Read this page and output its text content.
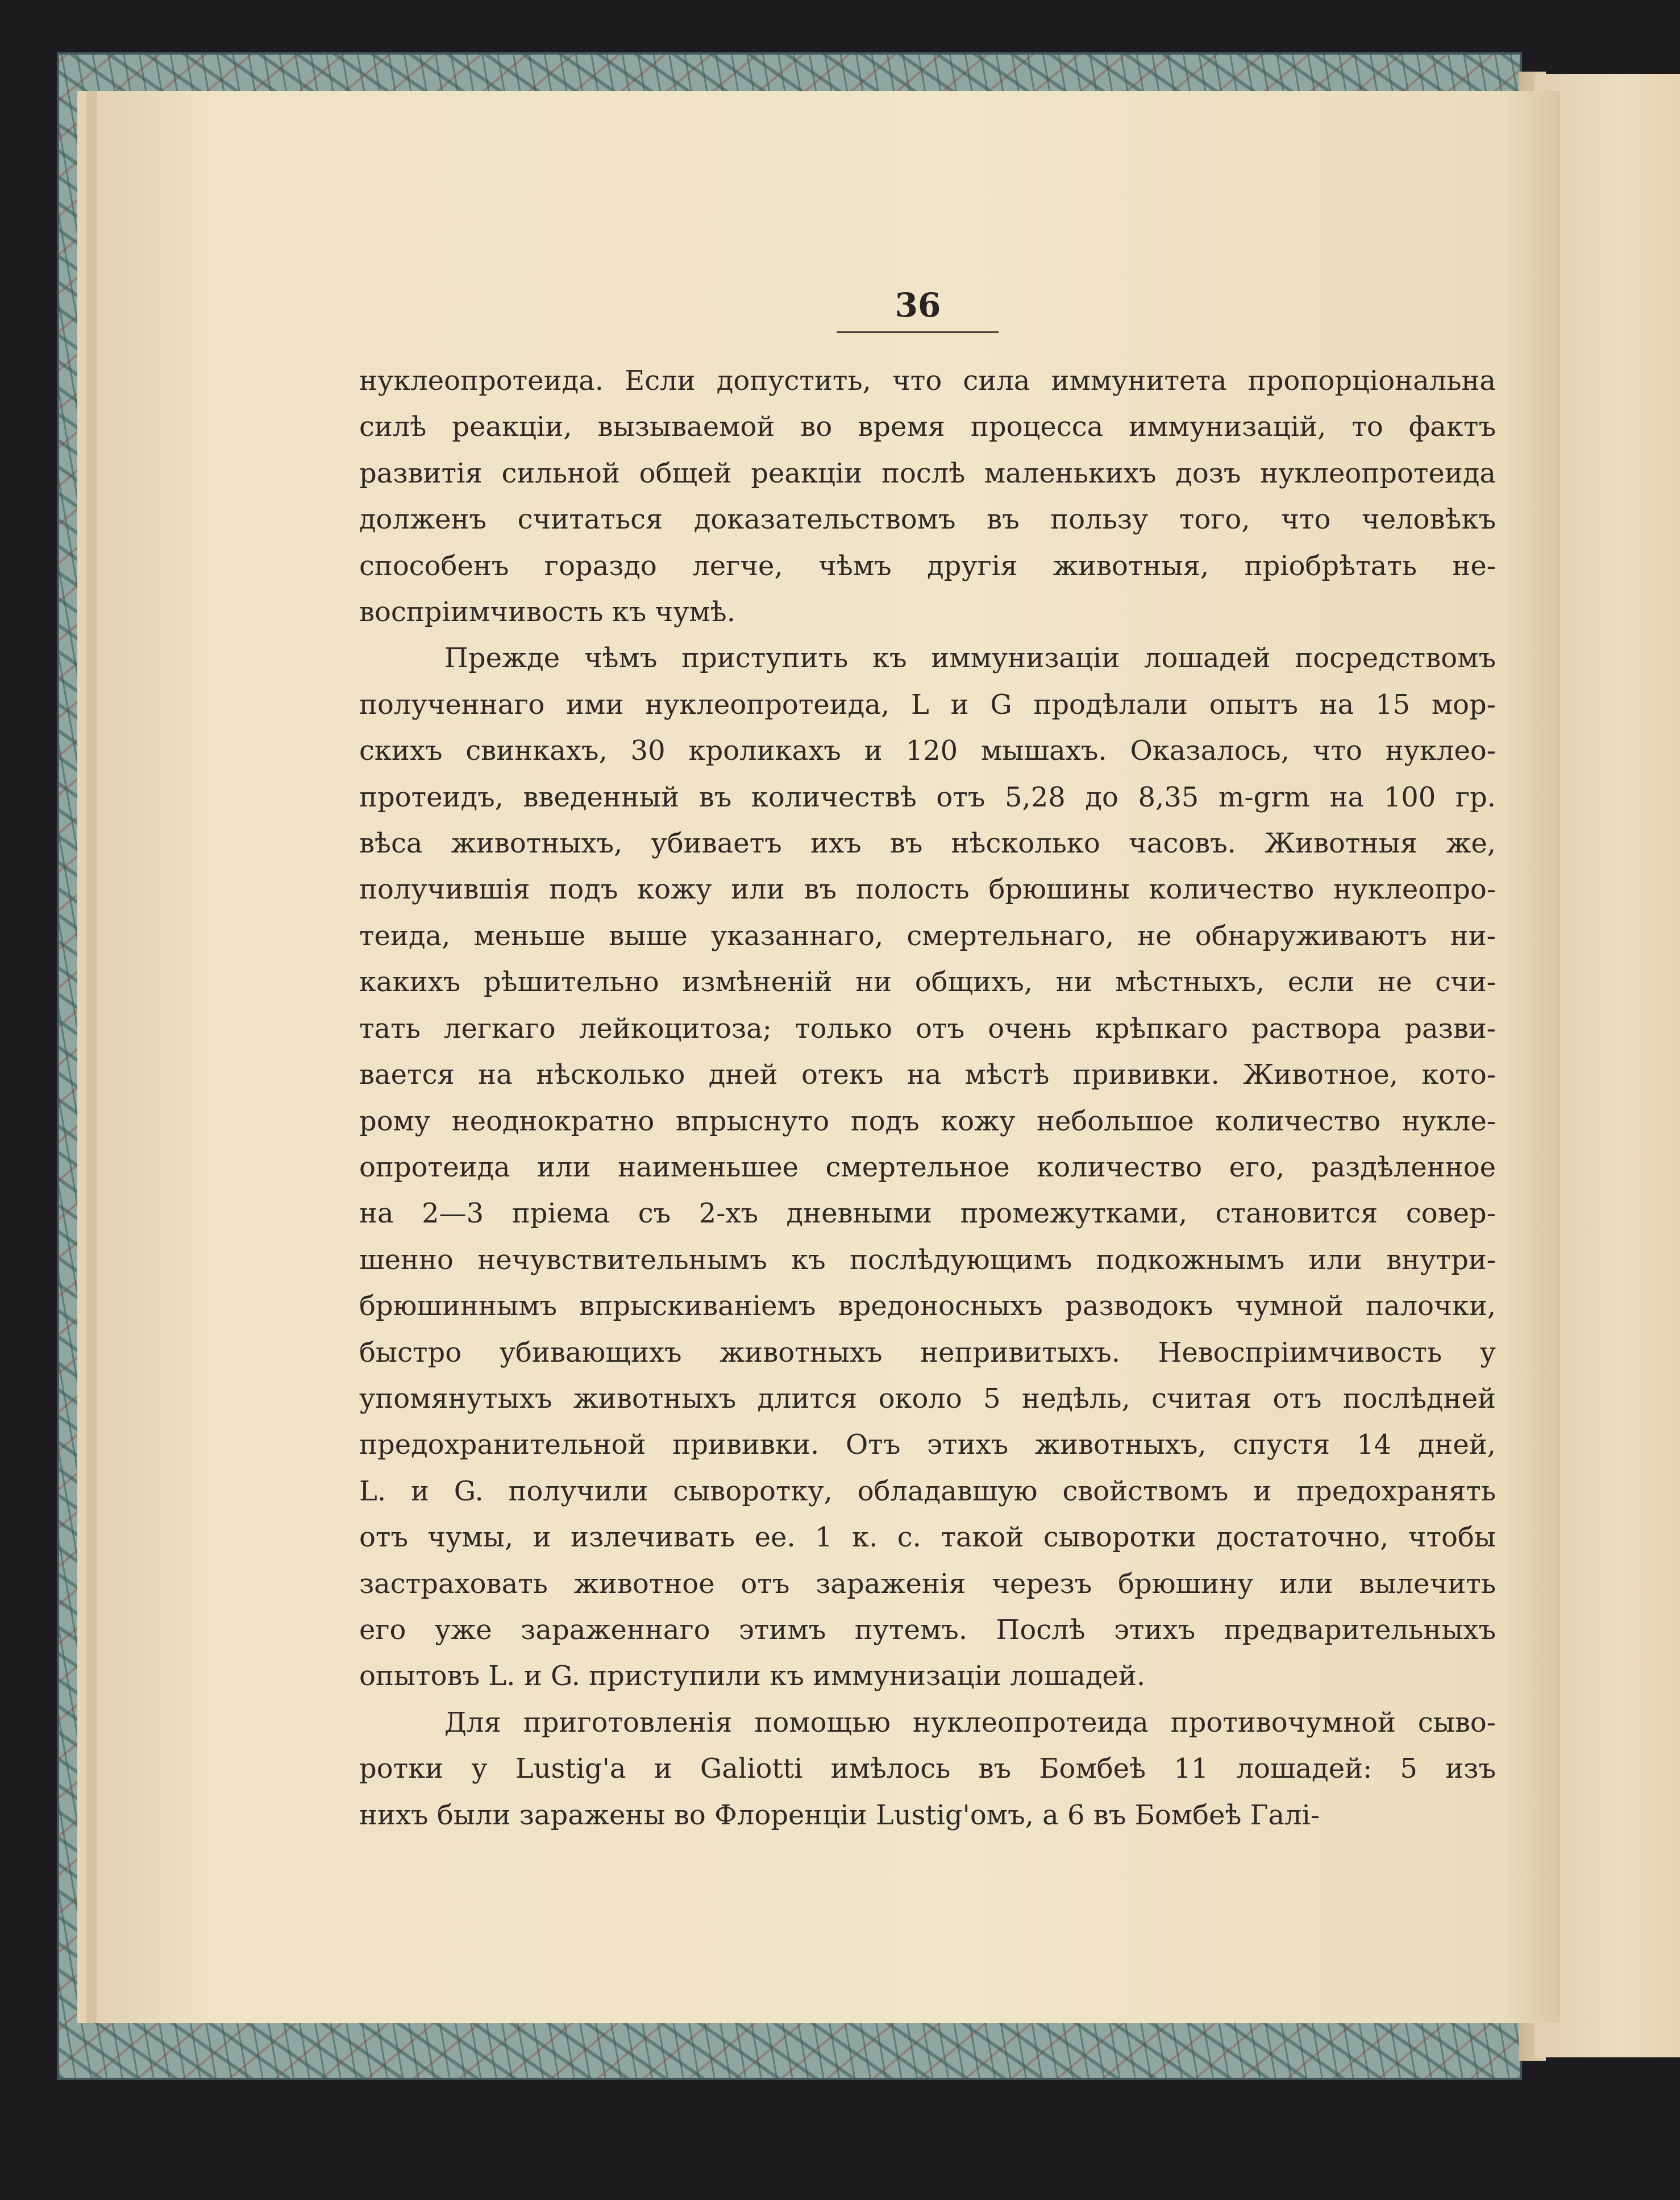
36
нуклеопротеида. Если допустить, что сила иммунитета пропорціональна
силѣ реакціи, вызываемой во время процесса иммунизацій, то фактъ
развитія сильной общей реакціи послѣ маленькихъ дозъ нуклеопротеида
долженъ считаться доказательствомъ въ пользу того, что человѣкъ
способенъ гораздо легче, чѣмъ другія животныя, пріобрѣтать не-
воспріимчивость къ чумѣ.
Прежде чѣмъ приступить къ иммунизаціи лошадей посредствомъ
полученнаго ими нуклеопротеида, L и G продѣлали опытъ на 15 мор-
скихъ свинкахъ, 30 кроликахъ и 120 мышахъ. Оказалось, что нуклео-
протеидъ, введенный въ количествѣ отъ 5,28 до 8,35 m-grm на 100 гр.
вѣса животныхъ, убиваетъ ихъ въ нѣсколько часовъ. Животныя же,
получившія подъ кожу или въ полость брюшины количество нуклеопро-
теида, меньше выше указаннаго, смертельнаго, не обнаруживаютъ ни-
какихъ рѣшительно измѣненій ни общихъ, ни мѣстныхъ, если не счи-
тать легкаго лейкоцитоза; только отъ очень крѣпкаго раствора разви-
вается на нѣсколько дней отекъ на мѣстѣ прививки. Животное, кото-
рому неоднократно впрыснуто подъ кожу небольшое количество нукле-
опротеида или наименьшее смертельное количество его, раздѣленное
на 2—3 пріема съ 2-хъ дневными промежутками, становится совер-
шенно нечувствительнымъ къ послѣдующимъ подкожнымъ или внутри-
брюшиннымъ впрыскиваніемъ вредоносныхъ разводокъ чумной палочки,
быстро убивающихъ животныхъ непривитыхъ. Невоспріимчивость у
упомянутыхъ животныхъ длится около 5 недѣль, считая отъ послѣдней
предохранительной прививки. Отъ этихъ животныхъ, спустя 14 дней,
L. и G. получили сыворотку, обладавшую свойствомъ и предохранять
отъ чумы, и излечивать ее. 1 к. с. такой сыворотки достаточно, чтобы
застраховать животное отъ зараженія черезъ брюшину или вылечить
его уже зараженнаго этимъ путемъ. Послѣ этихъ предварительныхъ
опытовъ L. и G. приступили къ иммунизаціи лошадей.
Для приготовленія помощью нуклеопротеида противочумной сыво-
ротки у Lustig'a и Galiotti имѣлось въ Бомбеѣ 11 лошадей: 5 изъ
нихъ были заражены во Флоренціи Lustig'омъ, а 6 въ Бомбеѣ Галі-
